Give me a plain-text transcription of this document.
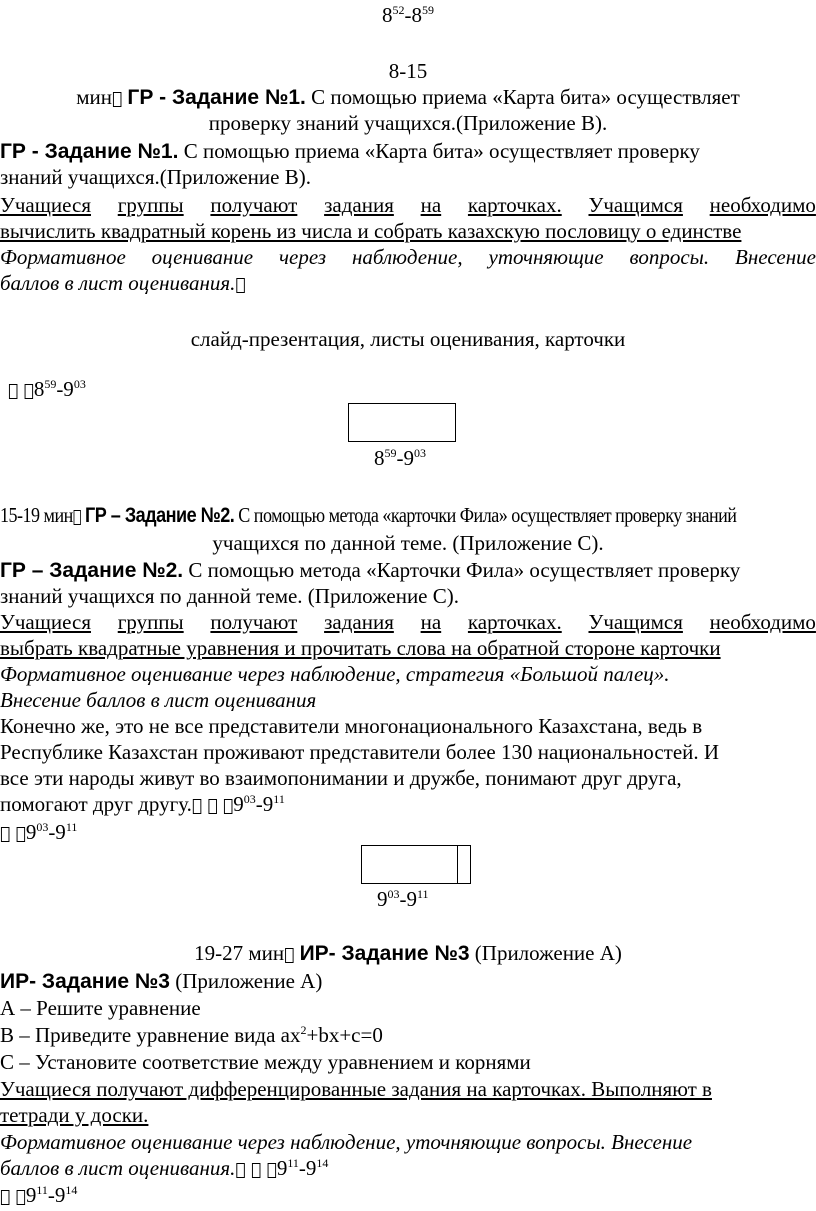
$8^{52}-8^{59}$
8-15
мин ГР - Задание №1. С помощью приема «Карта бита» осуществляет
проверку знаний учащихся.(Приложение В).
ГР - Задание №1. С помощью приема «Карта бита» осуществляет проверку
знаний учащихся.(Приложение В).
Учащиеся группы получают задания на карточках. Учащимся необходимо
вычислить квадратный корень из числа и собрать казахскую пословицу о единстве
Формативное оценивание через наблюдение, уточняющие вопросы. Внесение
баллов в лист оценивания.
слайд-презентация, листы оценивания, карточки
$8^{59}-9^{03}$
$8^{59}-9^{03}$
15-19 мин ГР – Задание №2. С помощью метода «карточки Фила» осуществляет проверку знаний
учащихся по данной теме. (Приложение С).
ГР – Задание №2. С помощью метода «Карточки Фила» осуществляет проверку
знаний учащихся по данной теме. (Приложение С).
Учащиеся группы получают задания на карточках. Учащимся необходимо
выбрать квадратные уравнения и прочитать слова на обратной стороне карточки
Формативное оценивание через наблюдение, стратегия «Большой палец».
Внесение баллов в лист оценивания
Конечно же, это не все представители многонационального Казахстана, ведь в
Республике Казахстан проживают представители более 130 национальностей. И
все эти народы живут во взаимопонимании и дружбе, понимают друг друга,
помогают друг другу. $9^{03}-9^{11}$
$9^{03}-9^{11}$
$9^{03}-9^{11}$
19-27 мин ИР- Задание №3 (Приложение А)
ИР- Задание №3 (Приложение А)
А – Решите уравнение
В – Приведите уравнение вида $ах^2+bx+c=0$
С – Установите соответствие между уравнением и корнями
Учащиеся получают дифференцированные задания на карточках. Выполняют в
тетради у доски.
Формативное оценивание через наблюдение, уточняющие вопросы. Внесение
баллов в лист оценивания. $9^{11}-9^{14}$
$9^{11}-9^{14}$
